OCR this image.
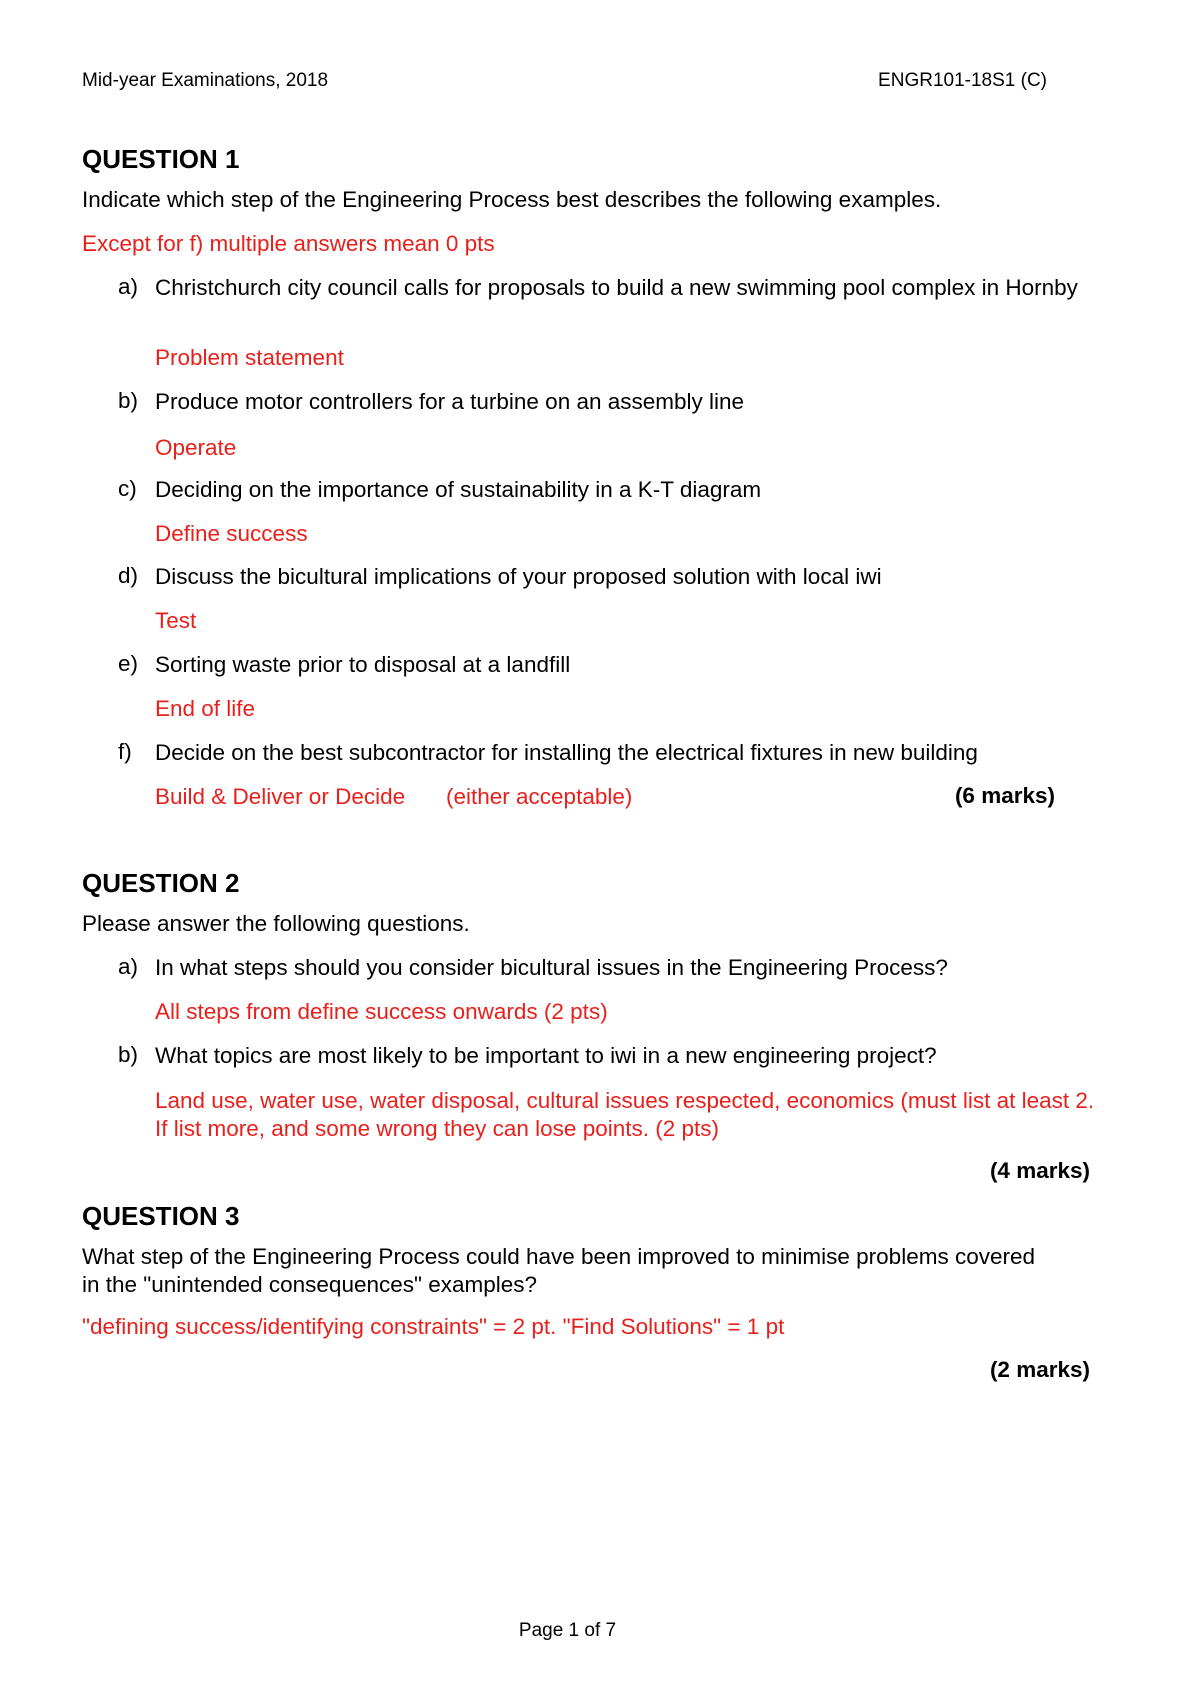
Mid-year Examinations, 2018	ENGR101-18S1 (C)
QUESTION 1
Indicate which step of the Engineering Process best describes the following examples.
Except for f) multiple answers mean 0 pts
a) Christchurch city council calls for proposals to build a new swimming pool complex in Hornby
Problem statement
b) Produce motor controllers for a turbine on an assembly line
Operate
c) Deciding on the importance of sustainability in a K-T diagram
Define success
d) Discuss the bicultural implications of your proposed solution with local iwi
Test
e) Sorting waste prior to disposal at a landfill
End of life
f) Decide on the best subcontractor for installing the electrical fixtures in new building
Build & Deliver or Decide (either acceptable)	(6 marks)
QUESTION 2
Please answer the following questions.
a) In what steps should you consider bicultural issues in the Engineering Process?
All steps from define success onwards (2 pts)
b) What topics are most likely to be important to iwi in a new engineering project?
Land use, water use, water disposal, cultural issues respected, economics (must list at least 2. If list more, and some wrong they can lose points. (2 pts)
(4 marks)
QUESTION 3
What step of the Engineering Process could have been improved to minimise problems covered in the "unintended consequences" examples?
"defining success/identifying constraints" = 2 pt. "Find Solutions" = 1 pt
(2 marks)
Page 1 of 7
